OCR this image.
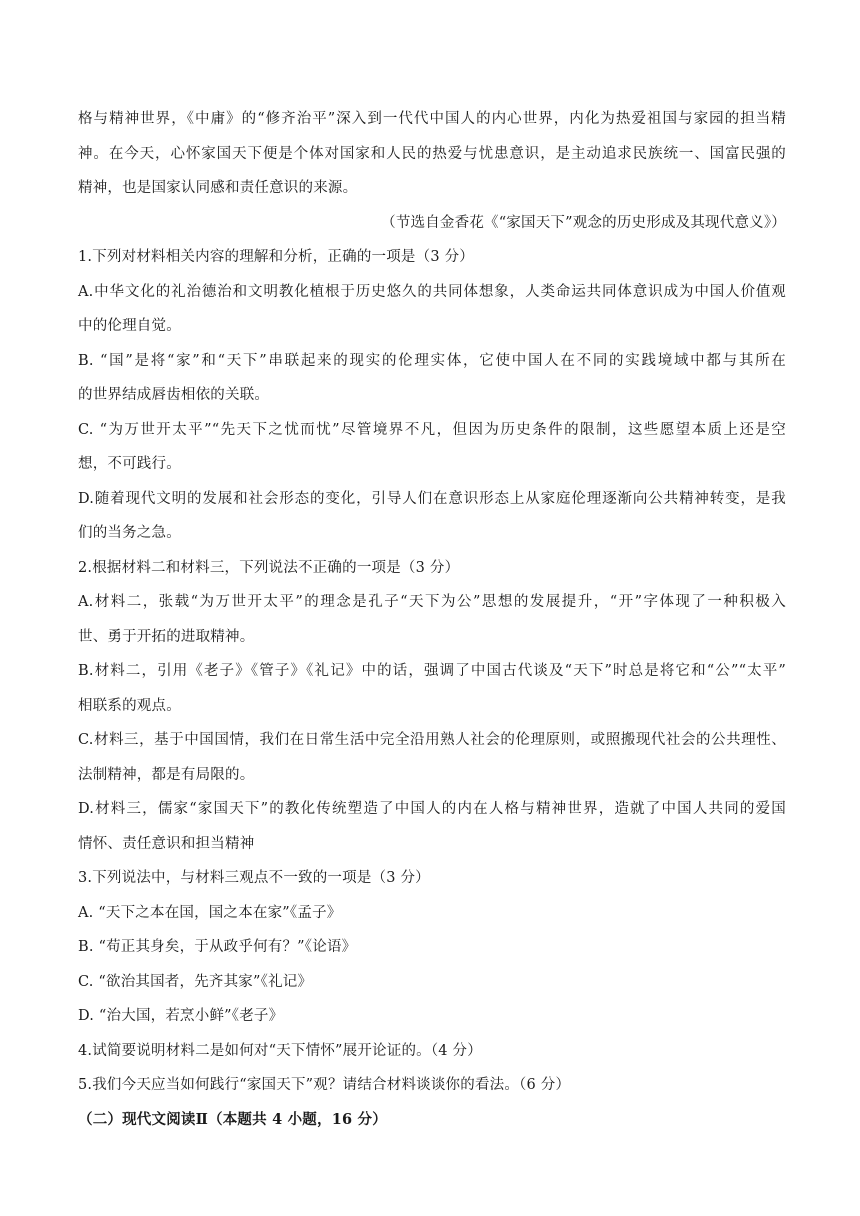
格与精神世界，《中庸》的“修齐治平”深入到一代代中国人的内心世界，内化为热爱祖国与家园的担当精
神。在今天，心怀家国天下便是个体对国家和人民的热爱与忧患意识，是主动追求民族统一、国富民强的
精神，也是国家认同感和责任意识的来源。
（节选自金香花《“家国天下”观念的历史形成及其现代意义》）
1.下列对材料相关内容的理解和分析，正确的一项是（3 分）
A.中华文化的礼治德治和文明教化植根于历史悠久的共同体想象，人类命运共同体意识成为中国人价值观
中的伦理自觉。
B. “国”是将“家”和“天下”串联起来的现实的伦理实体，它使中国人在不同的实践境域中都与其所在
的世界结成唇齿相依的关联。
C. “为万世开太平”“先天下之忧而忧”尽管境界不凡，但因为历史条件的限制，这些愿望本质上还是空
想，不可践行。
D.随着现代文明的发展和社会形态的变化，引导人们在意识形态上从家庭伦理逐渐向公共精神转变，是我
们的当务之急。
2.根据材料二和材料三，下列说法不正确的一项是（3 分）
A.材料二，张载“为万世开太平”的理念是孔子“天下为公”思想的发展提升，“开”字体现了一种积极入
世、勇于开拓的进取精神。
B.材料二，引用《老子》《管子》《礼记》中的话，强调了中国古代谈及“天下”时总是将它和“公”“太平”
相联系的观点。
C.材料三，基于中国国情，我们在日常生活中完全沿用熟人社会的伦理原则，或照搬现代社会的公共理性、
法制精神，都是有局限的。
D.材料三，儒家“家国天下”的教化传统塑造了中国人的内在人格与精神世界，造就了中国人共同的爱国
情怀、责任意识和担当精神
3.下列说法中，与材料三观点不一致的一项是（3 分）
A. “天下之本在国，国之本在家”《孟子》
B. “苟正其身矣，于从政乎何有？”《论语》
C. “欲治其国者，先齐其家”《礼记》
D. “治大国，若烹小鲜”《老子》
4.试简要说明材料二是如何对“天下情怀”展开论证的。（4 分）
5.我们今天应当如何践行“家国天下”观？请结合材料谈谈你的看法。（6 分）
（二）现代文阅读Ⅱ（本题共 4 小题，16 分）
